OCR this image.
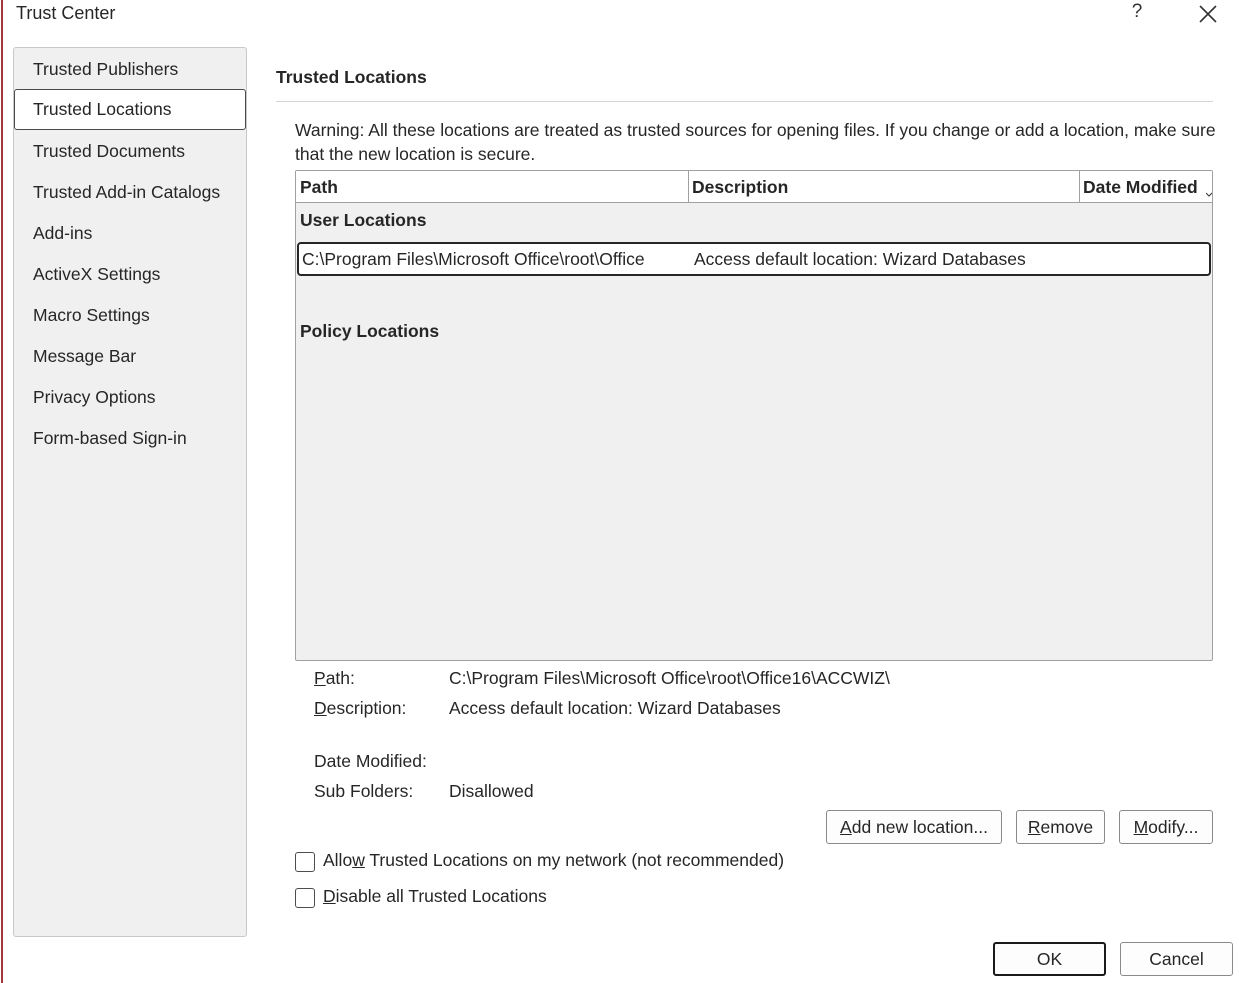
Trust Center	?
Trusted Publishers
Trusted Locations
Trusted Documents
Trusted Add-in Catalogs
Add-ins
ActiveX Settings
Macro Settings
Message Bar
Privacy Options
Form-based Sign-in
Trusted Locations
Warning: All these locations are treated as trusted sources for opening files. If you change or add a location, make sure that the new location is secure.
Path	Description	Date Modified
User Locations
C:\Program Files\Microsoft Office\root\Office	Access default location: Wizard Databases
Policy Locations
Path:	C:\Program Files\Microsoft Office\root\Office16\ACCWIZ\
Description: Access default location: Wizard Databases
Date Modified:
Sub Folders: Disallowed
Add new location...	Remove	Modify...
Allow Trusted Locations on my network (not recommended)
Disable all Trusted Locations
OK	Cancel
